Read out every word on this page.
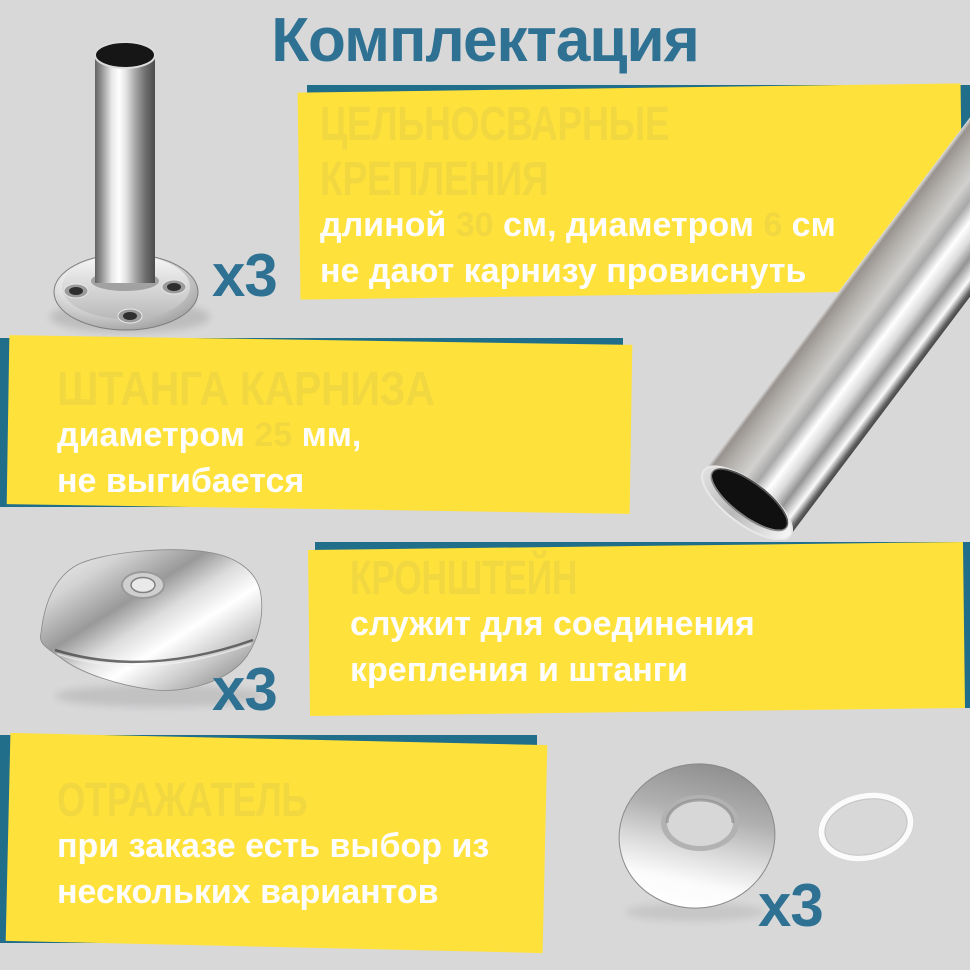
Комплектация
ЦЕЛЬНОСВАРНЫЕ
КРЕПЛЕНИЯ
длиной 30 см, диаметром 6 см
не дают карнизу провиснуть
ШТАНГА КАРНИЗА
диаметром 25 мм,
не выгибается
КРОНШТЕЙН
служит для соединения
крепления и штанги
ОТРАЖАТЕЛЬ
при заказе есть выбор из
нескольких вариантов
x3
x3
x3
